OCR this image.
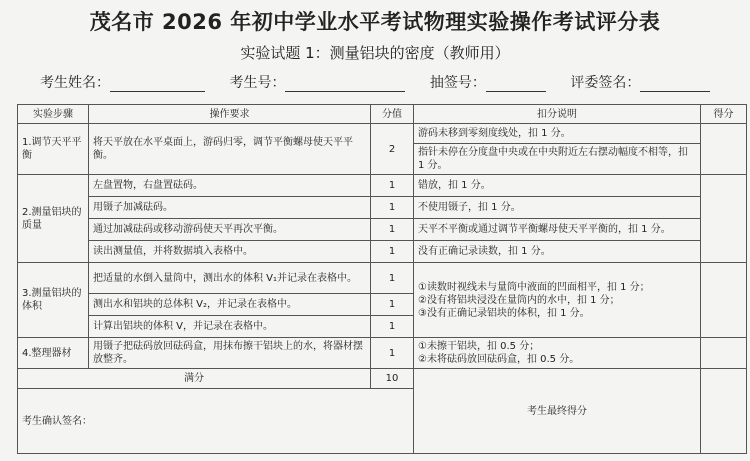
茂名市 2026 年初中学业水平考试物理实验操作考试评分表
实验试题 1：测量铝块的密度（教师用）
考生姓名：	考生号：	抽签号：	评委签名：
实验步骤	操作要求	分值	扣分说明	得分
1.调节天平平衡	将天平放在水平桌面上，游码归零，调节平衡螺母使天平平衡。	2	游码未移到零刻度线处，扣 1 分。	
			指针未停在分度盘中央或在中央附近左右摆动幅度不相等，扣 1 分。	
2.测量铝块的质量	左盘置物，右盘置砝码。	1	错放，扣 1 分。	
	用镊子加减砝码。	1	不使用镊子，扣 1 分。	
	通过加减砝码或移动游码使天平再次平衡。	1	天平不平衡或通过调节平衡螺母使天平平衡的，扣 1 分。	
	读出测量值，并将数据填入表格中。	1	没有正确记录读数，扣 1 分。	
3.测量铝块的体积	把适量的水倒入量筒中，测出水的体积 V₁并记录在表格中。	1	①读数时视线未与量筒中液面的凹面相平，扣 1 分；
②没有将铝块浸没在量筒内的水中，扣 1 分；
③没有正确记录铝块的体积，扣 1 分。	

	测出水和铝块的总体积 V₂，并记录在表格中。	1		
	计算出铝块的体积 V，并记录在表格中。	1		
4.整理器材	用镊子把砝码放回砝码盒，用抹布擦干铝块上的水，将器材摆放整齐。	1	①未擦干铝块，扣 0.5 分；
②未将砝码放回砝码盒，扣 0.5 分。	

满分		10	考生最终得分	
考生确认签名：				
